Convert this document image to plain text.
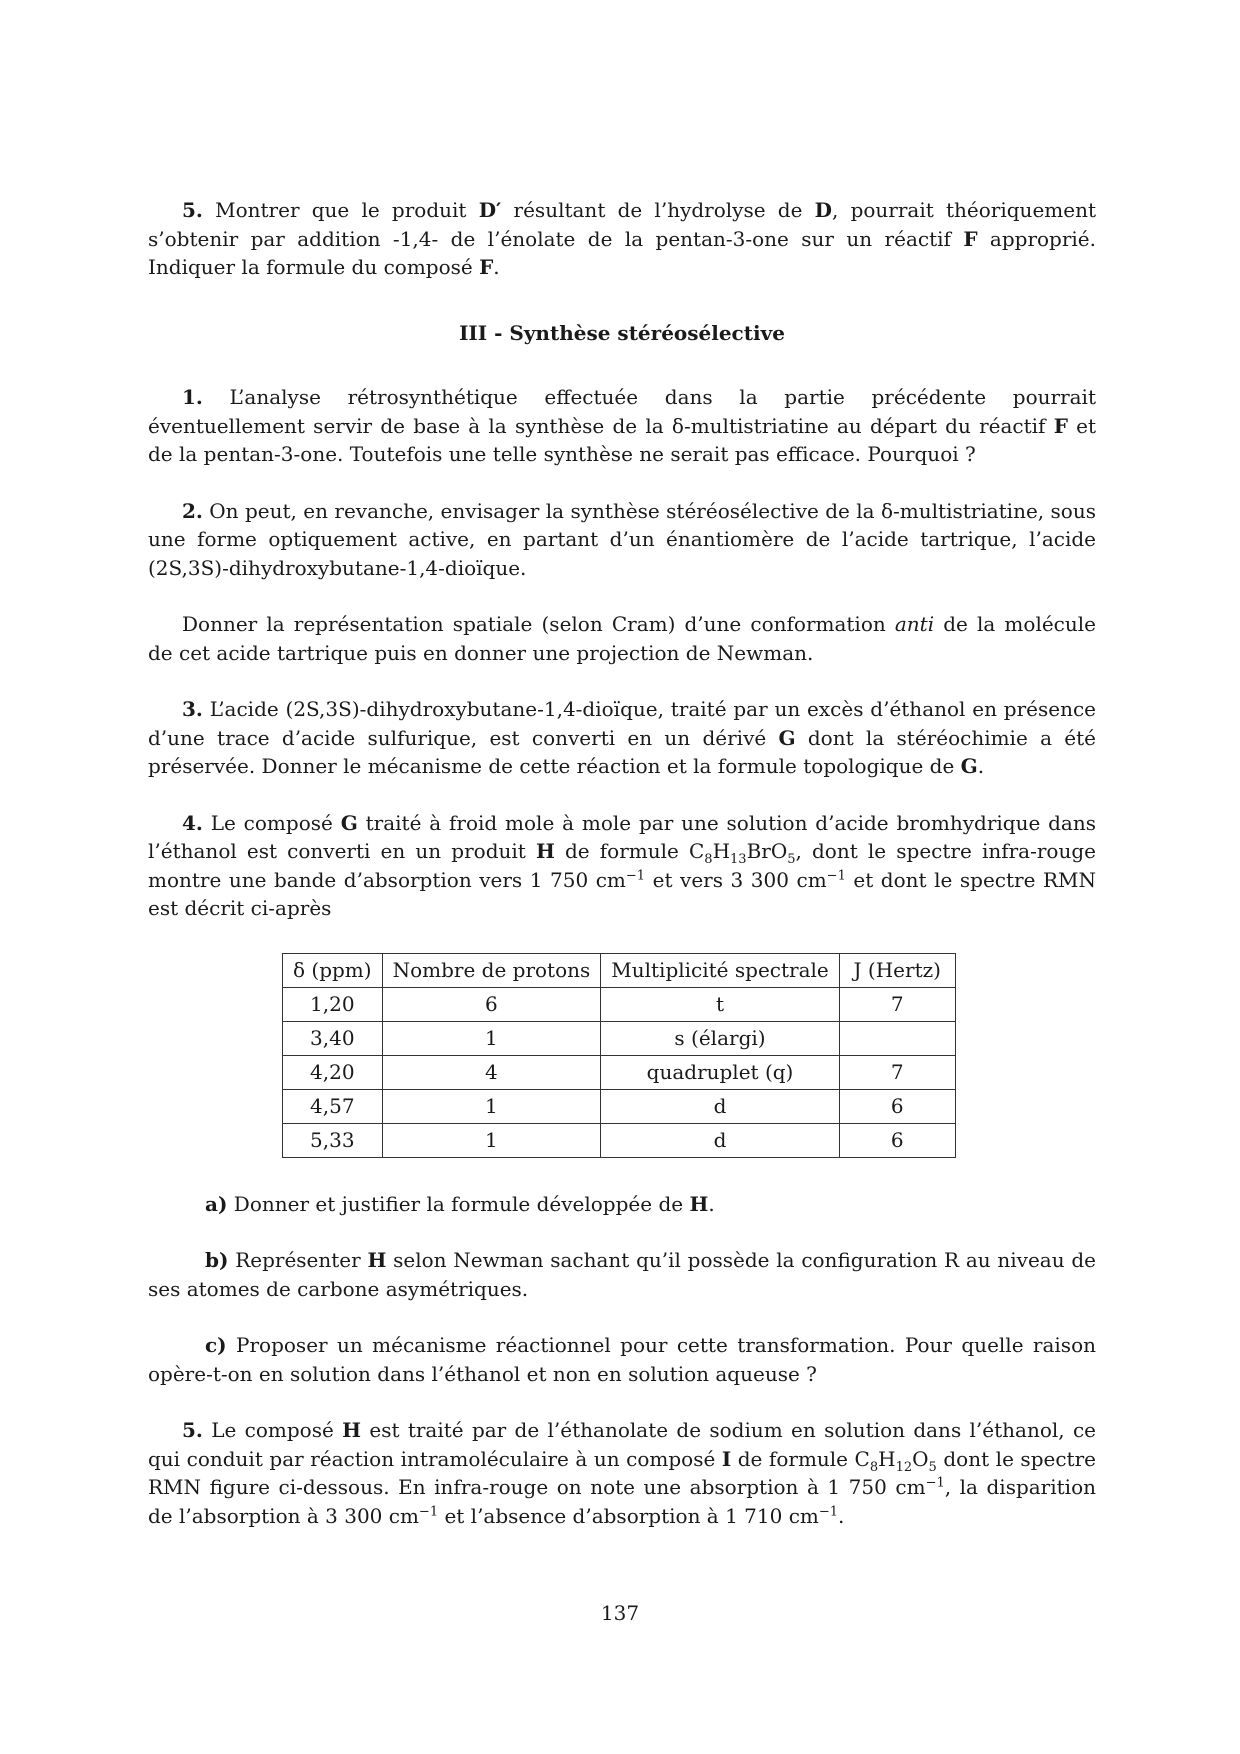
5. Montrer que le produit D′ résultant de l’hydrolyse de D, pourrait théoriquement s’obtenir par addition -1,4- de l’énolate de la pentan-3-one sur un réactif F approprié. Indiquer la formule du composé F.

III - Synthèse stéréosélective

1. L’analyse rétrosynthétique effectuée dans la partie précédente pourrait éventuellement servir de base à la synthèse de la δ-multistriatine au départ du réactif F et de la pentan-3-one. Toutefois une telle synthèse ne serait pas efficace. Pourquoi ?

2. On peut, en revanche, envisager la synthèse stéréosélective de la δ-multistriatine, sous une forme optiquement active, en partant d’un énantiomère de l’acide tartrique, l’acide (2S,3S)-dihydroxybutane-1,4-dioïque.

Donner la représentation spatiale (selon Cram) d’une conformation anti de la molécule de cet acide tartrique puis en donner une projection de Newman.

3. L’acide (2S,3S)-dihydroxybutane-1,4-dioïque, traité par un excès d’éthanol en présence d’une trace d’acide sulfurique, est converti en un dérivé G dont la stéréochimie a été préservée. Donner le mécanisme de cette réaction et la formule topologique de G.

4. Le composé G traité à froid mole à mole par une solution d’acide bromhydrique dans l’éthanol est converti en un produit H de formule $C_8H_{13}BrO_5$, dont le spectre infra-rouge montre une bande d’absorption vers 1 750 $cm^{-1}$ et vers 3 300 $cm^{-1}$ et dont le spectre RMN est décrit ci-après

δ (ppm)	Nombre de protons	Multiplicité spectrale	J (Hertz)
1,20	6	t	7
3,40	1	s (élargi)	
4,20	4	quadruplet (q)	7
4,57	1	d	6
5,33	1	d	6

a) Donner et justifier la formule développée de H.

b) Représenter H selon Newman sachant qu’il possède la configuration R au niveau de ses atomes de carbone asymétriques.

c) Proposer un mécanisme réactionnel pour cette transformation. Pour quelle raison opère-t-on en solution dans l’éthanol et non en solution aqueuse ?

5. Le composé H est traité par de l’éthanolate de sodium en solution dans l’éthanol, ce qui conduit par réaction intramoléculaire à un composé I de formule $C_8H_{12}O_5$ dont le spectre RMN figure ci-dessous. En infra-rouge on note une absorption à 1 750 $cm^{-1}$, la disparition de l’absorption à 3 300 $cm^{-1}$ et l’absence d’absorption à 1 710 $cm^{-1}$.

137
